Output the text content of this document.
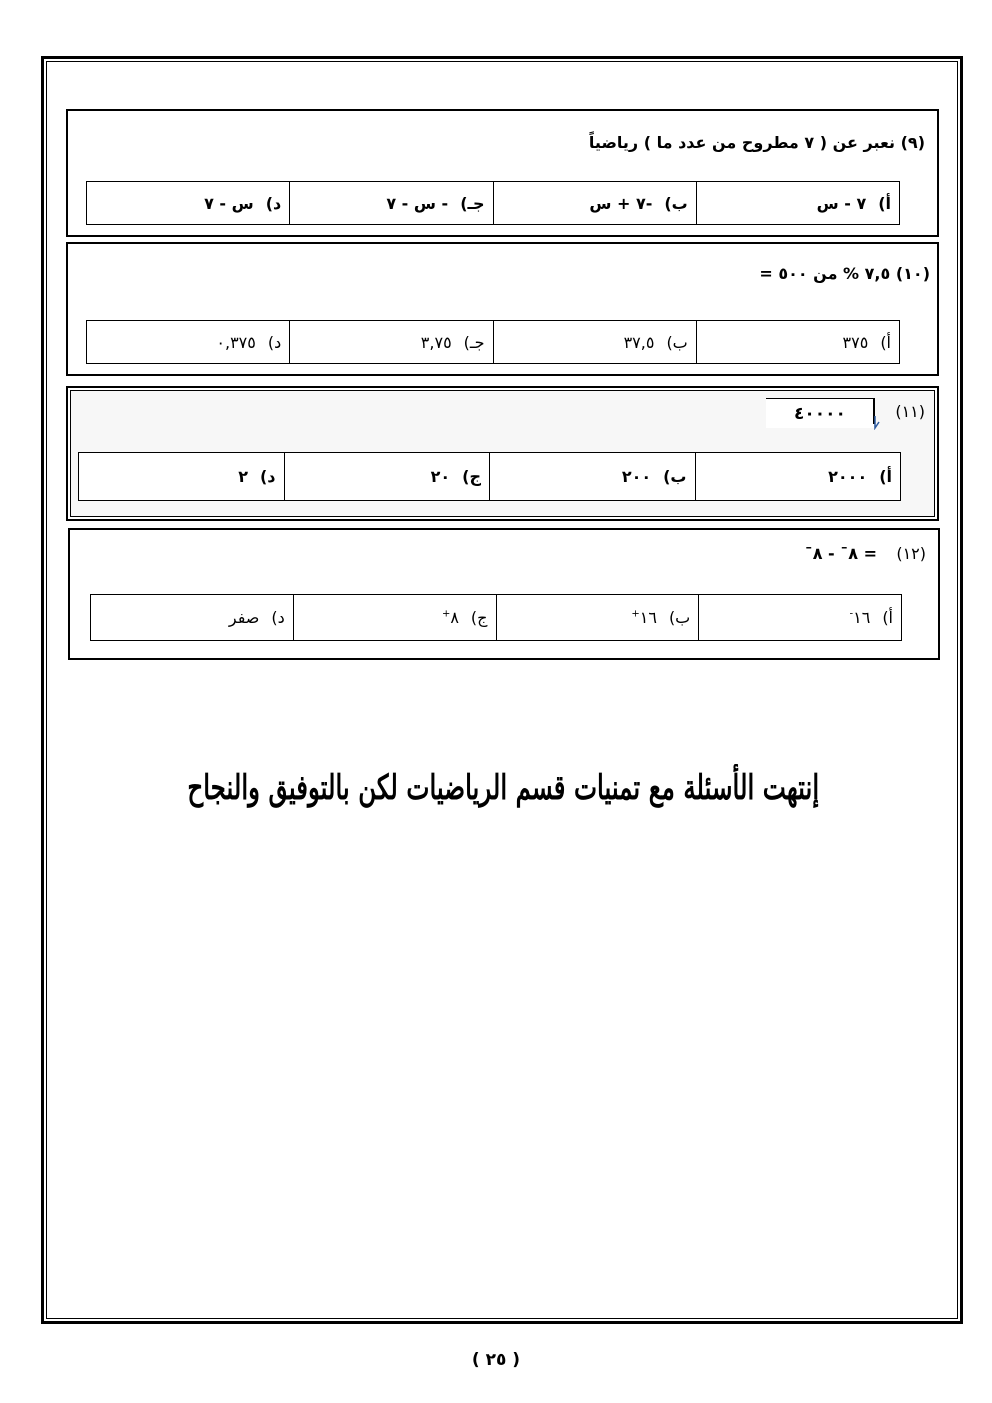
(٩) نعبر عن ( ٧ مطروح من عدد ما ) رياضياً
أ)
٧ - س
ب)
-٧ + س
جـ)
- س - ٧
د)
س - ٧
(١٠) ٧,٥ % من ٥٠٠ =
أ)
٣٧٥
ب)
٣٧,٥
جـ)
٣,٧٥
د)
٠,٣٧٥
(١١)
٤٠٠٠٠
أ)
٢٠٠٠
ب)
٢٠٠
ج)
٢٠
د)
٢
(١٢)
= ٨¯ - ٨¯
أ)
١٦-
ب)
١٦+
ج)
٨+
د)
صفر
إنتهت الأسئلة مع تمنيات قسم الرياضيات لكن بالتوفيق والنجاح
( ٢٥ )
